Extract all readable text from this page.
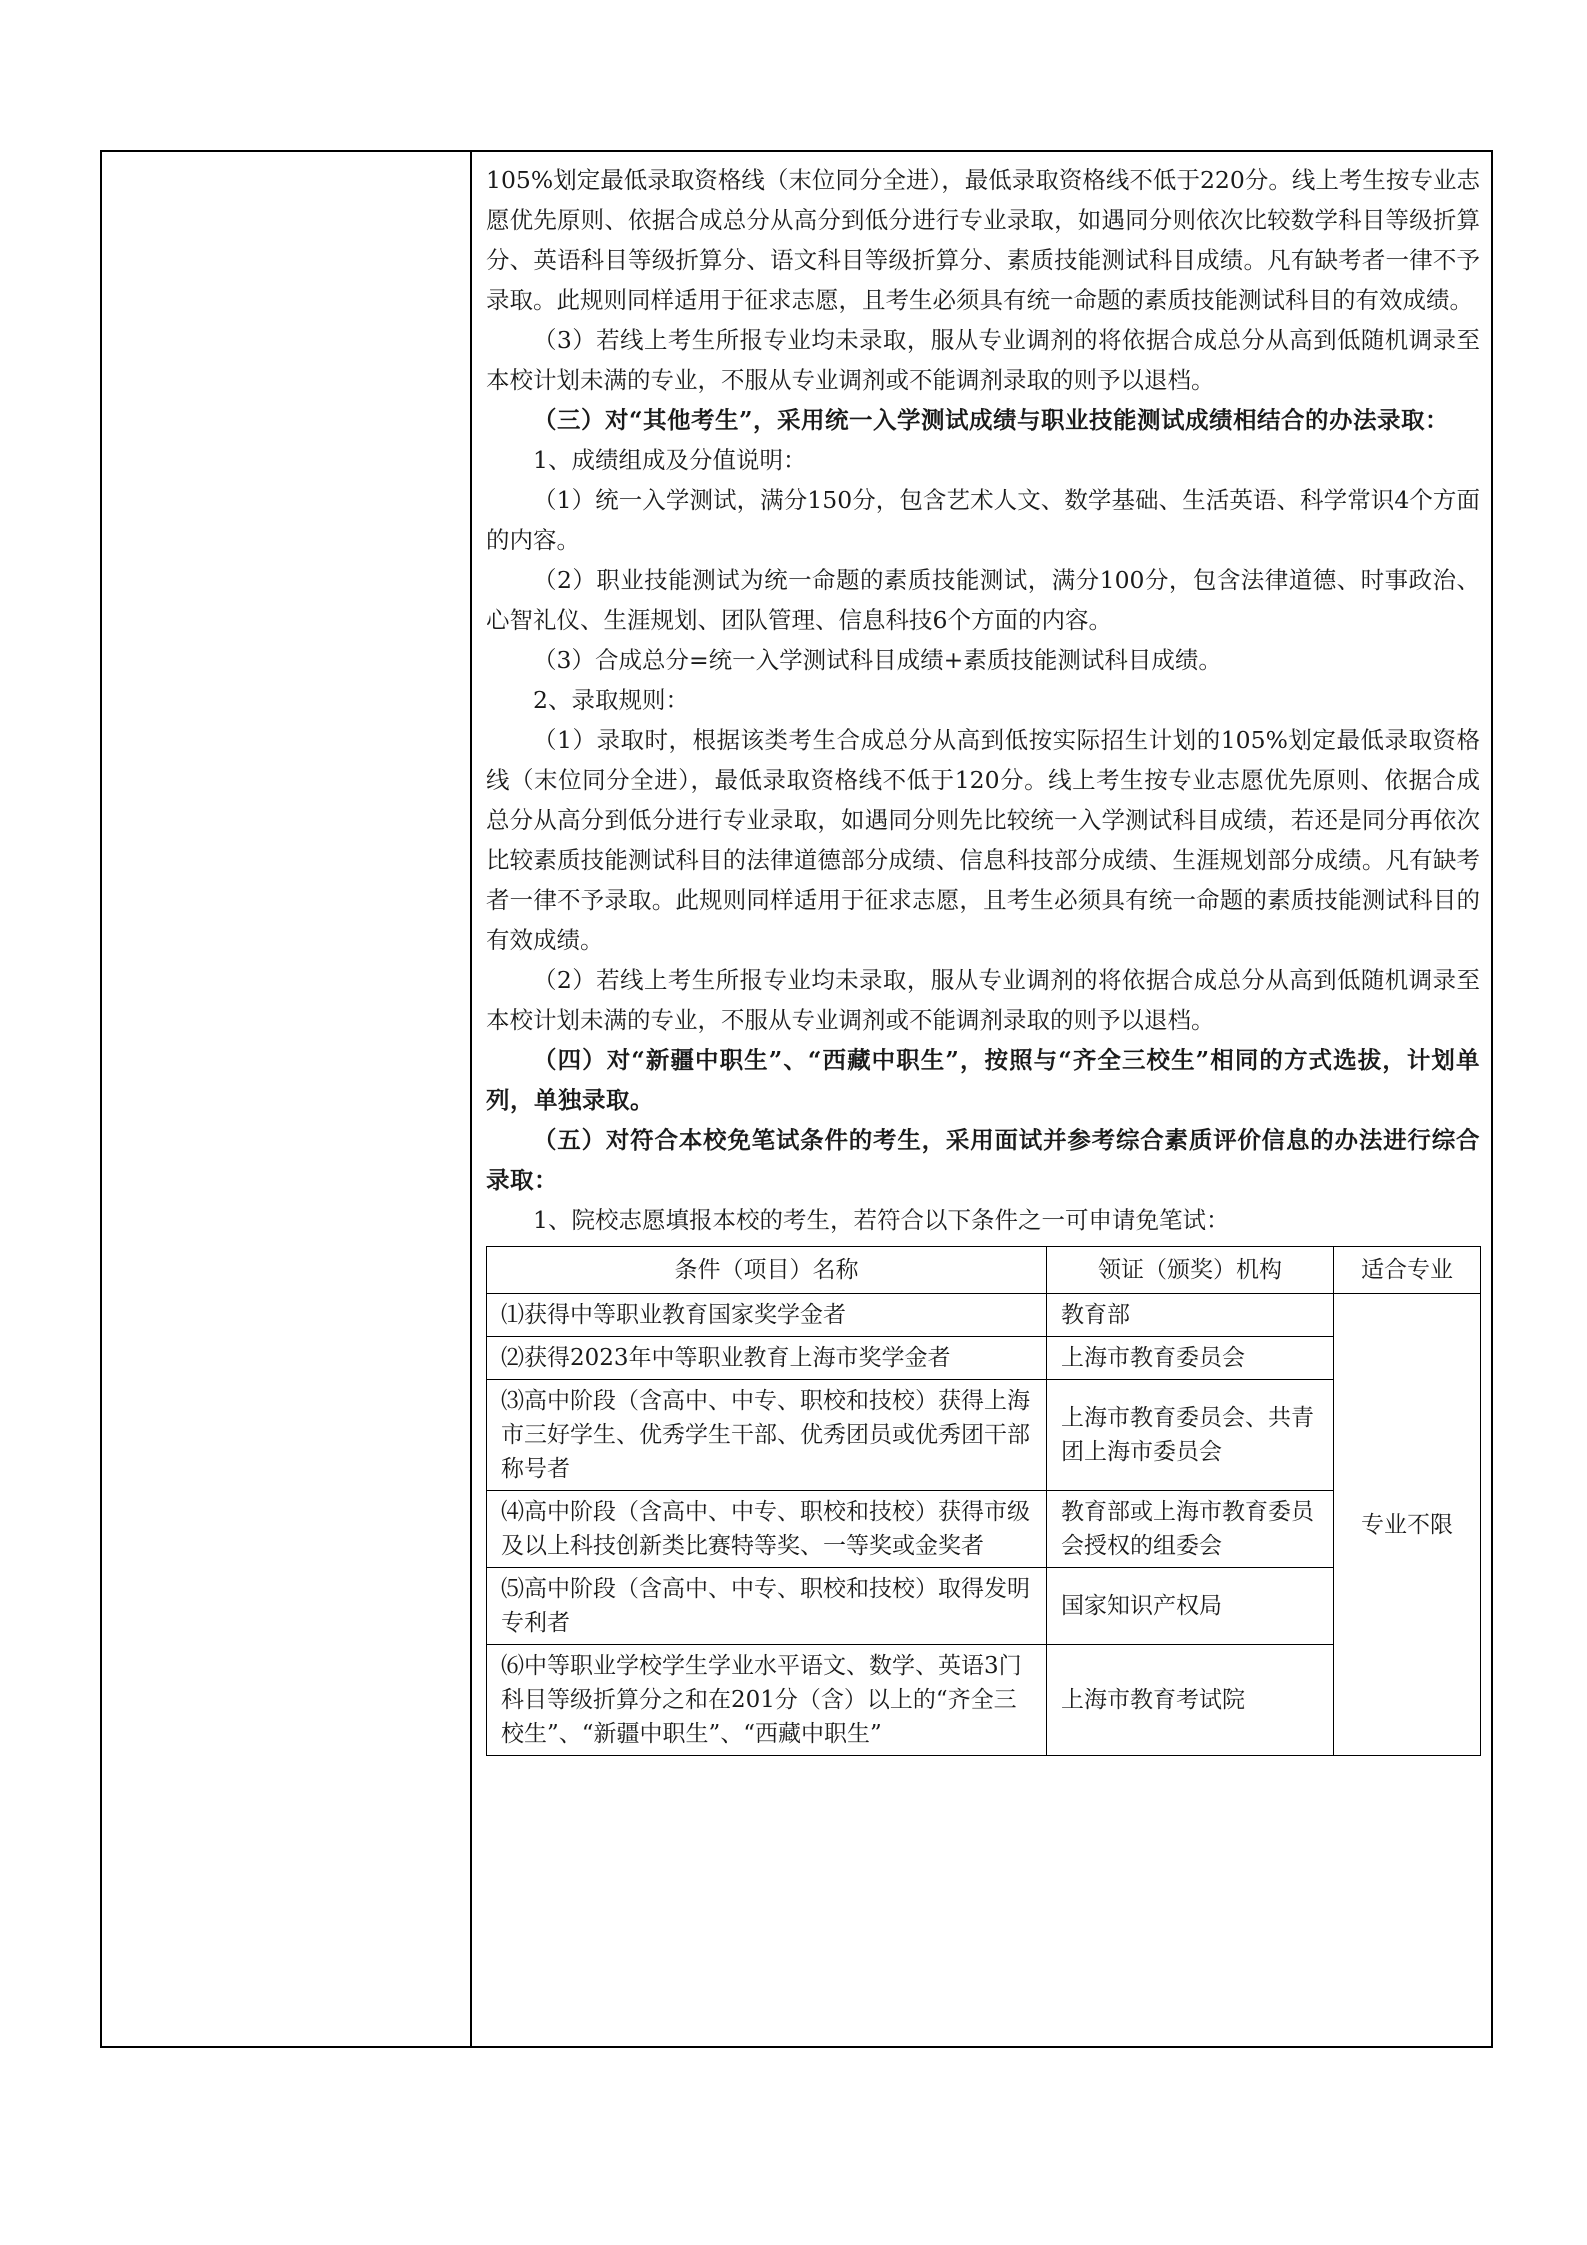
105%划定最低录取资格线（末位同分全进），最低录取资格线不低于220分。线上考生按专业志愿优先原则、依据合成总分从高分到低分进行专业录取，如遇同分则依次比较数学科目等级折算分、英语科目等级折算分、语文科目等级折算分、素质技能测试科目成绩。凡有缺考者一律不予录取。此规则同样适用于征求志愿，且考生必须具有统一命题的素质技能测试科目的有效成绩。

（3）若线上考生所报专业均未录取，服从专业调剂的将依据合成总分从高到低随机调录至本校计划未满的专业，不服从专业调剂或不能调剂录取的则予以退档。

（三）对“其他考生”，采用统一入学测试成绩与职业技能测试成绩相结合的办法录取：

1、成绩组成及分值说明：

（1）统一入学测试，满分150分，包含艺术人文、数学基础、生活英语、科学常识4个方面的内容。

（2）职业技能测试为统一命题的素质技能测试，满分100分，包含法律道德、时事政治、心智礼仪、生涯规划、团队管理、信息科技6个方面的内容。

（3）合成总分=统一入学测试科目成绩+素质技能测试科目成绩。

2、录取规则：

（1）录取时，根据该类考生合成总分从高到低按实际招生计划的105%划定最低录取资格线（末位同分全进），最低录取资格线不低于120分。线上考生按专业志愿优先原则、依据合成总分从高分到低分进行专业录取，如遇同分则先比较统一入学测试科目成绩，若还是同分再依次比较素质技能测试科目的法律道德部分成绩、信息科技部分成绩、生涯规划部分成绩。凡有缺考者一律不予录取。此规则同样适用于征求志愿，且考生必须具有统一命题的素质技能测试科目的有效成绩。

（2）若线上考生所报专业均未录取，服从专业调剂的将依据合成总分从高到低随机调录至本校计划未满的专业，不服从专业调剂或不能调剂录取的则予以退档。

（四）对“新疆中职生”、“西藏中职生”，按照与“齐全三校生”相同的方式选拔，计划单列，单独录取。

（五）对符合本校免笔试条件的考生，采用面试并参考综合素质评价信息的办法进行综合录取：

1、院校志愿填报本校的考生，若符合以下条件之一可申请免笔试：

条件（项目）名称	领证（颁奖）机构	适合专业
⑴获得中等职业教育国家奖学金者	教育部	专业不限
⑵获得2023年中等职业教育上海市奖学金者	上海市教育委员会	
⑶高中阶段（含高中、中专、职校和技校）获得上海市三好学生、优秀学生干部、优秀团员或优秀团干部称号者	上海市教育委员会、共青团上海市委员会	
⑷高中阶段（含高中、中专、职校和技校）获得市级及以上科技创新类比赛特等奖、一等奖或金奖者	教育部或上海市教育委员会授权的组委会	
⑸高中阶段（含高中、中专、职校和技校）取得发明专利者	国家知识产权局	
⑹中等职业学校学生学业水平语文、数学、英语3门科目等级折算分之和在201分（含）以上的“齐全三校生”、“新疆中职生”、“西藏中职生”	上海市教育考试院	
